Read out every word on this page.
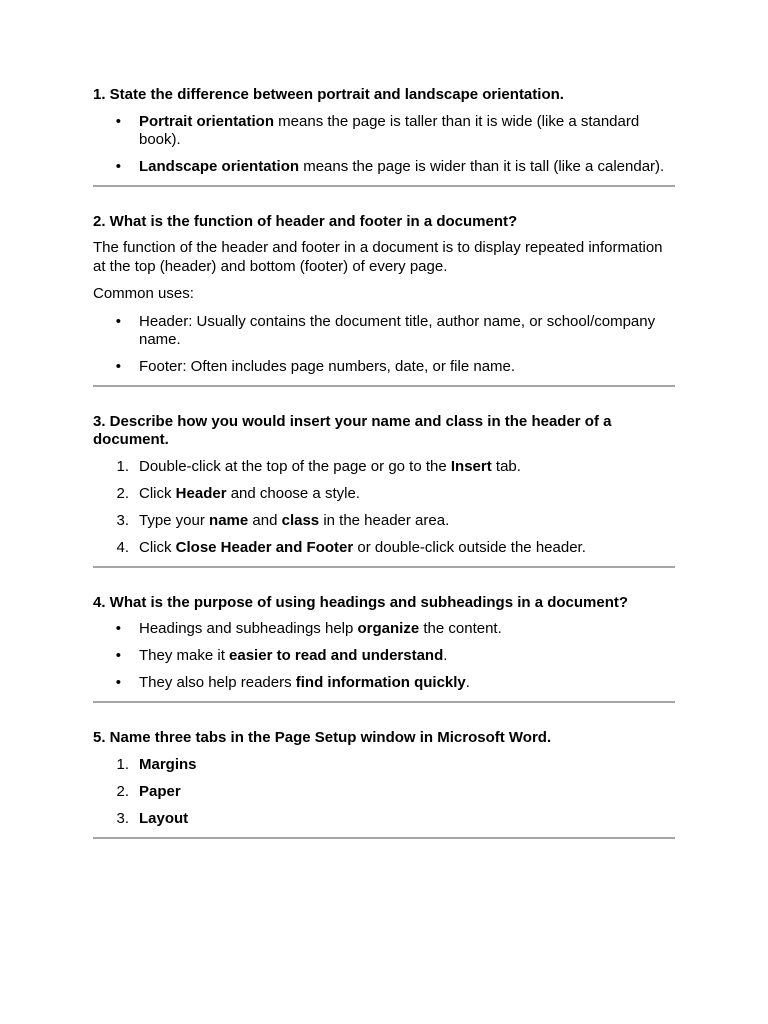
1. State the difference between portrait and landscape orientation.
• Portrait orientation means the page is taller than it is wide (like a standard book).
• Landscape orientation means the page is wider than it is tall (like a calendar).
2. What is the function of header and footer in a document?

The function of the header and footer in a document is to display repeated information at the top (header) and bottom (footer) of every page.

Common uses:

• Header: Usually contains the document title, author name, or school/company name.
• Footer: Often includes page numbers, date, or file name.
3. Describe how you would insert your name and class in the header of a document.
1. Double-click at the top of the page or go to the Insert tab.
2. Click Header and choose a style.
3. Type your name and class in the header area.
4. Click Close Header and Footer or double-click outside the header.
4. What is the purpose of using headings and subheadings in a document?
• Headings and subheadings help organize the content.
• They make it easier to read and understand.
• They also help readers find information quickly.
5. Name three tabs in the Page Setup window in Microsoft Word.
1. Margins
2. Paper
3. Layout
